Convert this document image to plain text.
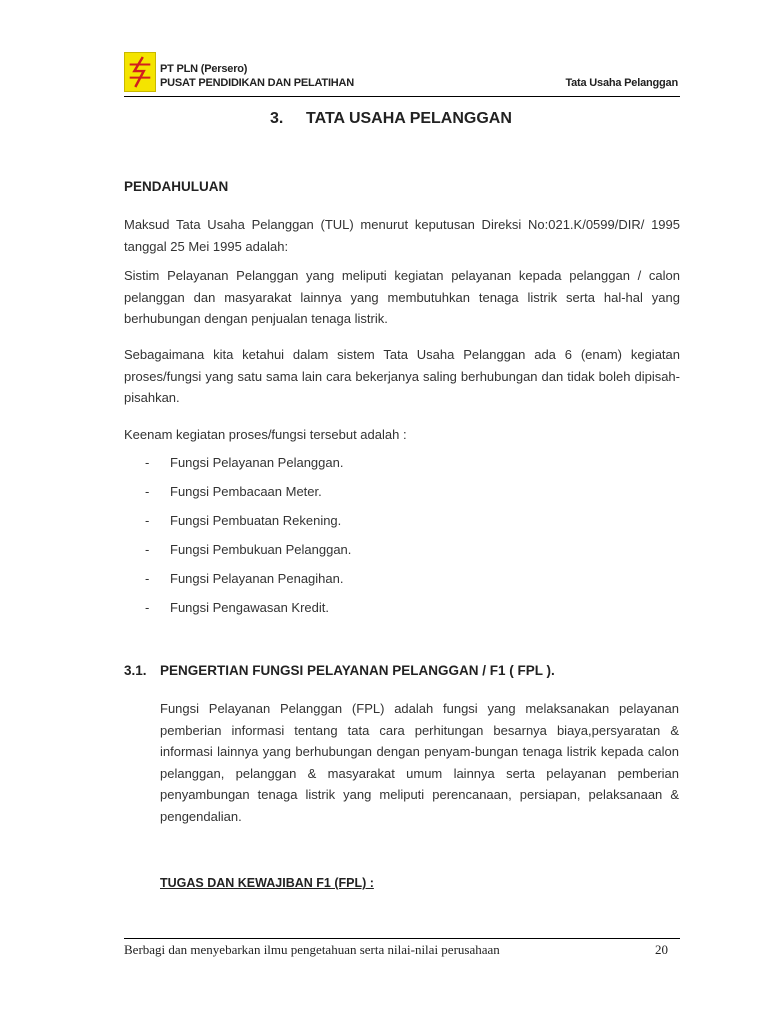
PT PLN (Persero)
PUSAT PENDIDIKAN DAN PELATIHAN	Tata Usaha Pelanggan
3. TATA USAHA PELANGGAN
PENDAHULUAN
Maksud Tata Usaha Pelanggan (TUL) menurut keputusan Direksi No:021.K/0599/DIR/ 1995 tanggal 25 Mei 1995 adalah:
Sistim Pelayanan Pelanggan yang meliputi kegiatan pelayanan kepada pelanggan / calon pelanggan dan masyarakat lainnya yang membutuhkan tenaga listrik serta hal-hal yang berhubungan dengan penjualan tenaga listrik.
Sebagaimana kita ketahui dalam sistem Tata Usaha Pelanggan ada 6 (enam) kegiatan proses/fungsi yang satu sama lain cara bekerjanya saling berhubungan dan tidak boleh dipisah-pisahkan.
Keenam kegiatan proses/fungsi tersebut adalah :
- Fungsi Pelayanan Pelanggan.
- Fungsi Pembacaan Meter.
- Fungsi Pembuatan Rekening.
- Fungsi Pembukuan Pelanggan.
- Fungsi Pelayanan Penagihan.
- Fungsi Pengawasan Kredit.
3.1. PENGERTIAN FUNGSI PELAYANAN PELANGGAN / F1 ( FPL ).
Fungsi Pelayanan Pelanggan (FPL) adalah fungsi yang melaksanakan pelayanan pemberian informasi tentang tata cara perhitungan besarnya biaya,persyaratan & informasi lainnya yang berhubungan dengan penyam-bungan tenaga listrik kepada calon pelanggan, pelanggan & masyarakat umum lainnya serta pelayanan pemberian penyambungan tenaga listrik yang meliputi perencanaan, persiapan, pelaksanaan & pengendalian.
TUGAS DAN KEWAJIBAN F1 (FPL) :
Berbagi dan menyebarkan ilmu pengetahuan serta nilai-nilai perusahaan	20
